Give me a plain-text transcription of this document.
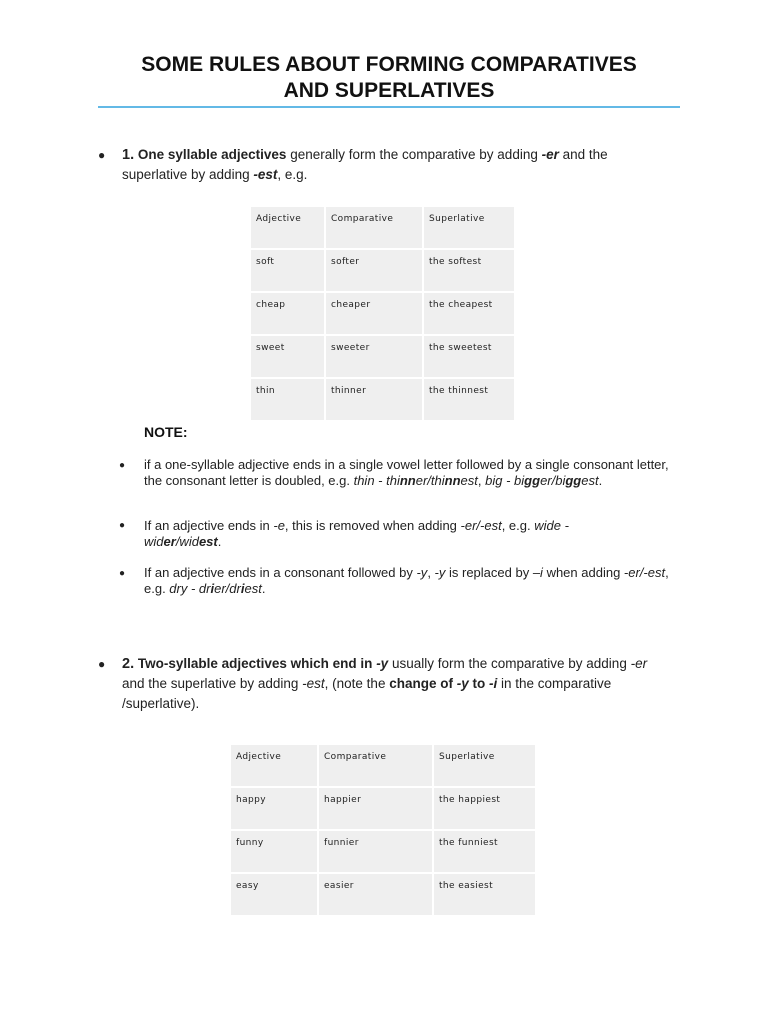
SOME RULES ABOUT FORMING COMPARATIVES
AND SUPERLATIVES
● 1. One syllable adjectives generally form the comparative by adding -er and the superlative by adding -est, e.g.
Adjective	Comparative	Superlative
soft	softer	the softest
cheap	cheaper	the cheapest
sweet	sweeter	the sweetest
thin	thinner	the thinnest
NOTE:
● if a one-syllable adjective ends in a single vowel letter followed by a single consonant letter, the consonant letter is doubled, e.g. thin - thinner/thinnest, big - bigger/biggest.
● If an adjective ends in -e, this is removed when adding -er/-est, e.g. wide - wider/widest.
● If an adjective ends in a consonant followed by -y, -y is replaced by –i when adding -er/-est, e.g. dry - drier/driest.
● 2. Two-syllable adjectives which end in -y usually form the comparative by adding -er and the superlative by adding -est, (note the change of -y to -i in the comparative /superlative).
Adjective	Comparative	Superlative
happy	happier	the happiest
funny	funnier	the funniest
easy	easier	the easiest
